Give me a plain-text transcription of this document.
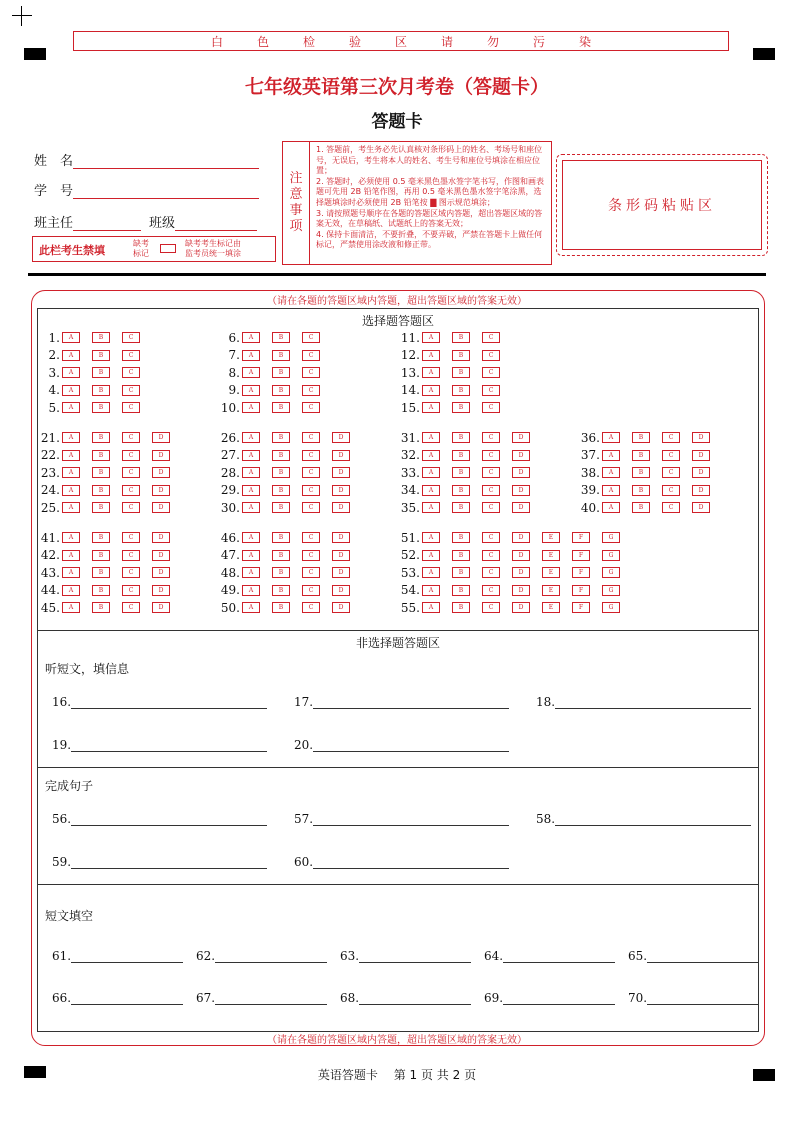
白	色	检	验	区	请	勿	污	染
七年级英语第三次月考卷（答题卡）
答题卡
姓　名
学　号
班主任	班级
此栏考生禁填
缺考
标记
缺考考生标记由
监考员统一填涂
注
意
事
项
1. 答题前，考生务必先认真核对条形码上的姓名、考场号和座位号，无误后，考生将本人的姓名、考生号和座位号填涂在相应位置；
2. 答题时，必须使用 0.5 毫米黑色墨水签字笔书写，作图和画表题可先用 2B 铅笔作图，再用 0.5 毫米黑色墨水签字笔涂黑，选择题填涂时必须使用 2B 铅笔按 ▇ 图示规范填涂；
3. 请按照题号顺序在各题的答题区域内答题，超出答题区域的答案无效，在草稿纸、试题纸上的答案无效；
4. 保持卡面清洁，不要折叠，不要弄破，严禁在答题卡上做任何标记，严禁使用涂改液和修正带。
条形码粘贴区
（请在各题的答题区域内答题，超出答题区域的答案无效）
（请在各题的答题区域内答题，超出答题区域的答案无效）
选择题答题区
1.	A	B	C
2.	A	B	C
3.	A	B	C
4.	A	B	C
5.	A	B	C
6.	A	B	C
7.	A	B	C
8.	A	B	C
9.	A	B	C
10.	A	B	C
11.	A	B	C
12.	A	B	C
13.	A	B	C
14.	A	B	C
15.	A	B	C
21.	A	B	C	D
22.	A	B	C	D
23.	A	B	C	D
24.	A	B	C	D
25.	A	B	C	D
26.	A	B	C	D
27.	A	B	C	D
28.	A	B	C	D
29.	A	B	C	D
30.	A	B	C	D
31.	A	B	C	D
32.	A	B	C	D
33.	A	B	C	D
34.	A	B	C	D
35.	A	B	C	D
36.	A	B	C	D
37.	A	B	C	D
38.	A	B	C	D
39.	A	B	C	D
40.	A	B	C	D
41.	A	B	C	D
42.	A	B	C	D
43.	A	B	C	D
44.	A	B	C	D
45.	A	B	C	D
46.	A	B	C	D
47.	A	B	C	D
48.	A	B	C	D
49.	A	B	C	D
50.	A	B	C	D
51.	A	B	C	D	E	F	G
52.	A	B	C	D	E	F	G
53.	A	B	C	D	E	F	G
54.	A	B	C	D	E	F	G
55.	A	B	C	D	E	F	G
非选择题答题区
听短文，填信息
完成句子
短文填空
16.	17.	18.
19.	20.
56.	57.	58.
59.	60.
61.	62.	63.	64.	65.
66.	67.	68.	69.	70.
英语答题卡　 第 1 页 共 2 页
